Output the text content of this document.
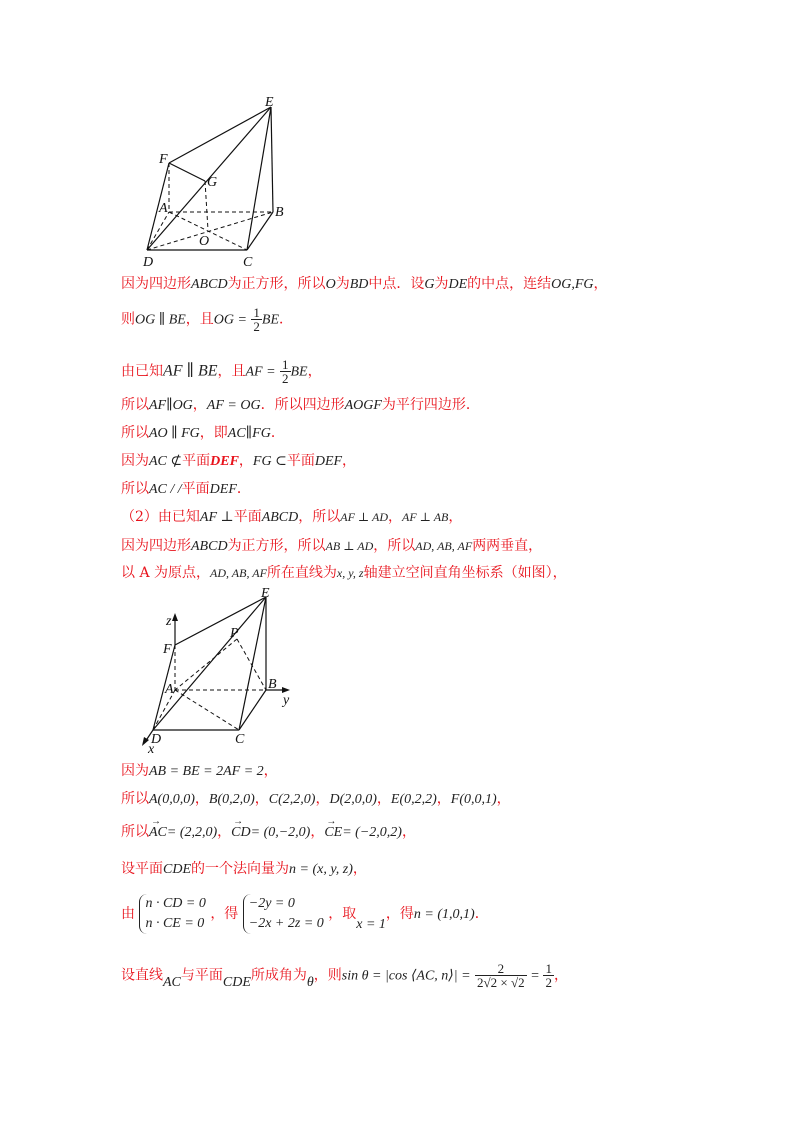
E
F
G
A	B
O
D	C
因为四边形ABCD为正方形，所以O为BD中点．设G为DE的中点，连结OG,FG，
则OG ∥ BE，且OG = $\frac{1}{2}$ BE．
由已知AF ∥ BE，且AF = $\frac{1}{2}$ BE，
所以AF∥OG，AF = OG．所以四边形AOGF为平行四边形．
所以AO ∥ FG，即AC∥FG．
因为AC ⊄平面DEF，FG ⊂平面DEF，
所以AC / /平面DEF．
（2）由已知AF ⊥平面ABCD，所以AF ⊥ AD，AF ⊥ AB，
因为四边形ABCD为正方形，所以AB ⊥ AD，所以AD, AB, AF两两垂直，
以 A 为原点，AD, AB, AF所在直线为x, y, z轴建立空间直角坐标系（如图），
E
z
P
F
A	B
y
D	C
x
因为AB = BE = 2AF = 2，
所以A(0,0,0)，B(0,2,0)，C(2,2,0)，D(2,0,0)，E(0,2,2)，F(0,0,1)，
所以→ AC= (2,2,0)，→ CD= (0,−2,0)，→ CE= (−2,0,2)，
设平面CDE的一个法向量为n = (x, y, z)，
由
n · CD = 0
n · CE = 0
，得
−2y = 0
−2x + 2z = 0
，取x = 1，得n = (1,0,1)．
设直线AC与平面CDE所成角为θ，则sin θ = |cos ⟨AC, n⟩| = $\frac{2}{2√2 \times √2} = \frac{1}{2}$ ，
